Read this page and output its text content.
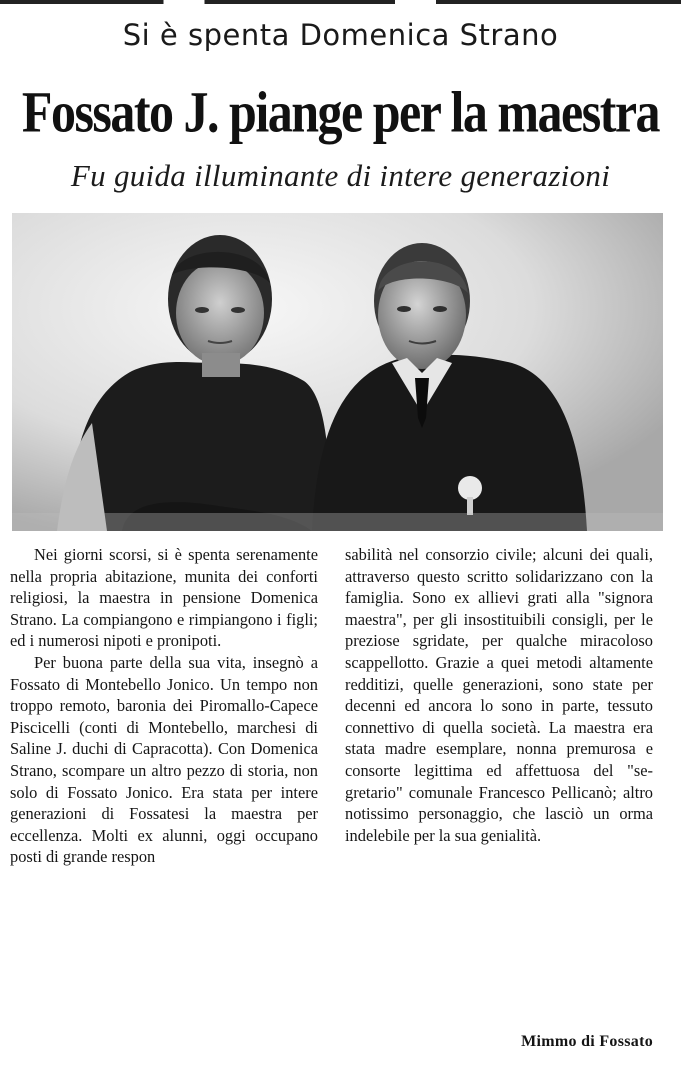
Si è spenta Domenica Strano
Fossato J. piange per la maestra
Fu guida illuminante di intere generazioni

Nei giorni scorsi, si è spenta serenamente nella propria abitazione, munita dei conforti religiosi, la maestra in pensione Domenica Strano. La compiangono e rimpiangono i figli; ed i numerosi nipoti e pronipoti.

Per buona parte della sua vita, insegnò a Fossato di Montebello Jonico. Un tempo non troppo remoto, baronia dei Piromallo-Capece Piscicelli (conti di Montebello, marchesi di Saline J. duchi di Capracotta). Con Domenica Strano, scompare un altro pezzo di storia, non solo di Fossato Jonico. Era stata per intere generazioni di Fossatesi la maestra per eccellenza. Molti ex alunni, oggi occupano posti di grande respon

sabilità nel consorzio civile; alcuni dei quali, attraverso questo scritto solidarizzano con la famiglia. Sono ex allievi grati alla "signora maestra", per gli insostituibili consigli, per le preziose sgridate, per qualche miracoloso scappellotto. Grazie a quei metodi altamente redditizi, quelle generazioni, sono state per decenni ed ancora lo sono in parte, tessuto connettivo di quella società. La maestra era stata madre esemplare, nonna premurosa e consorte legittima ed affettuosa del "segretario" comunale Francesco Pellicanò; altro notissimo personaggio, che lasciò un orma indelebile per la sua genialità.

Mimmo di Fossato
